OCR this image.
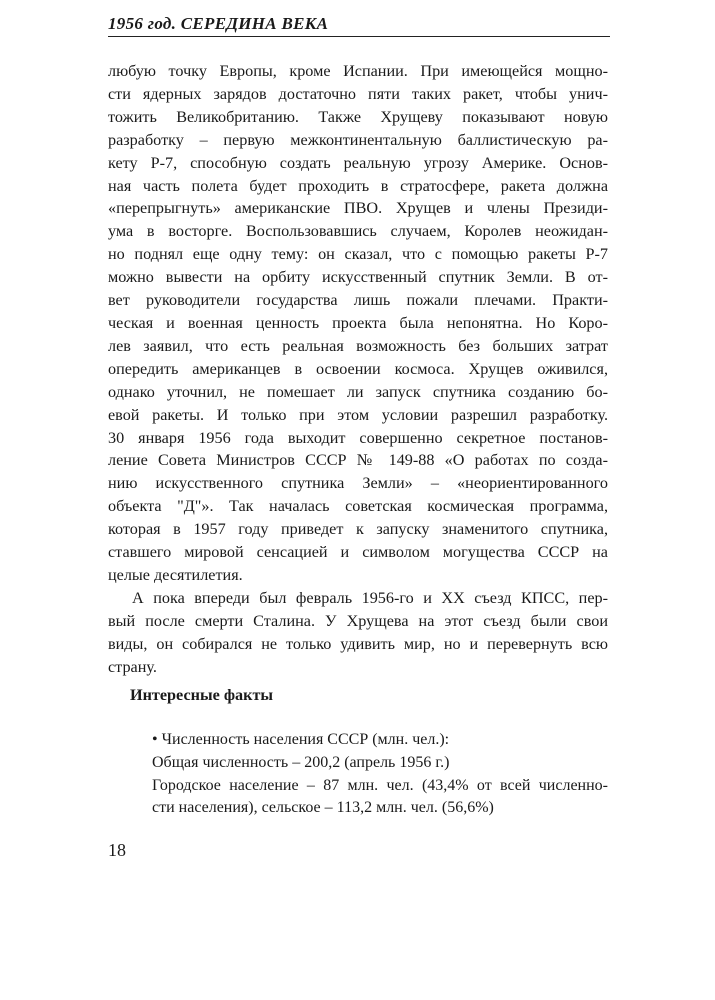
1956 год. СЕРЕДИНА ВЕКА
любую точку Европы, кроме Испании. При имеющейся мощно-
сти ядерных зарядов достаточно пяти таких ракет, чтобы унич-
тожить Великобританию. Также Хрущеву показывают новую
разработку – первую межконтинентальную баллистическую ра-
кету Р-7, способную создать реальную угрозу Америке. Основ-
ная часть полета будет проходить в стратосфере, ракета должна
«перепрыгнуть» американские ПВО. Хрущев и члены Президи-
ума в восторге. Воспользовавшись случаем, Королев неожидан-
но поднял еще одну тему: он сказал, что с помощью ракеты Р-7
можно вывести на орбиту искусственный спутник Земли. В от-
вет руководители государства лишь пожали плечами. Практи-
ческая и военная ценность проекта была непонятна. Но Коро-
лев заявил, что есть реальная возможность без больших затрат
опередить американцев в освоении космоса. Хрущев оживился,
однако уточнил, не помешает ли запуск спутника созданию бо-
евой ракеты. И только при этом условии разрешил разработку.
30 января 1956 года выходит совершенно секретное постанов-
ление Совета Министров СССР № 149-88 «О работах по созда-
нию искусственного спутника Земли» – «неориентированного
объекта "Д"». Так началась советская космическая программа,
которая в 1957 году приведет к запуску знаменитого спутника,
ставшего мировой сенсацией и символом могущества СССР на
целые десятилетия.
А пока впереди был февраль 1956-го и XX съезд КПСС, пер-
вый после смерти Сталина. У Хрущева на этот съезд были свои
виды, он собирался не только удивить мир, но и перевернуть всю
страну.
Интересные факты
• Численность населения СССР (млн. чел.):
Общая численность – 200,2 (апрель 1956 г.)
Городское население – 87 млн. чел. (43,4% от всей численно-
сти населения), сельское – 113,2 млн. чел. (56,6%)
18
